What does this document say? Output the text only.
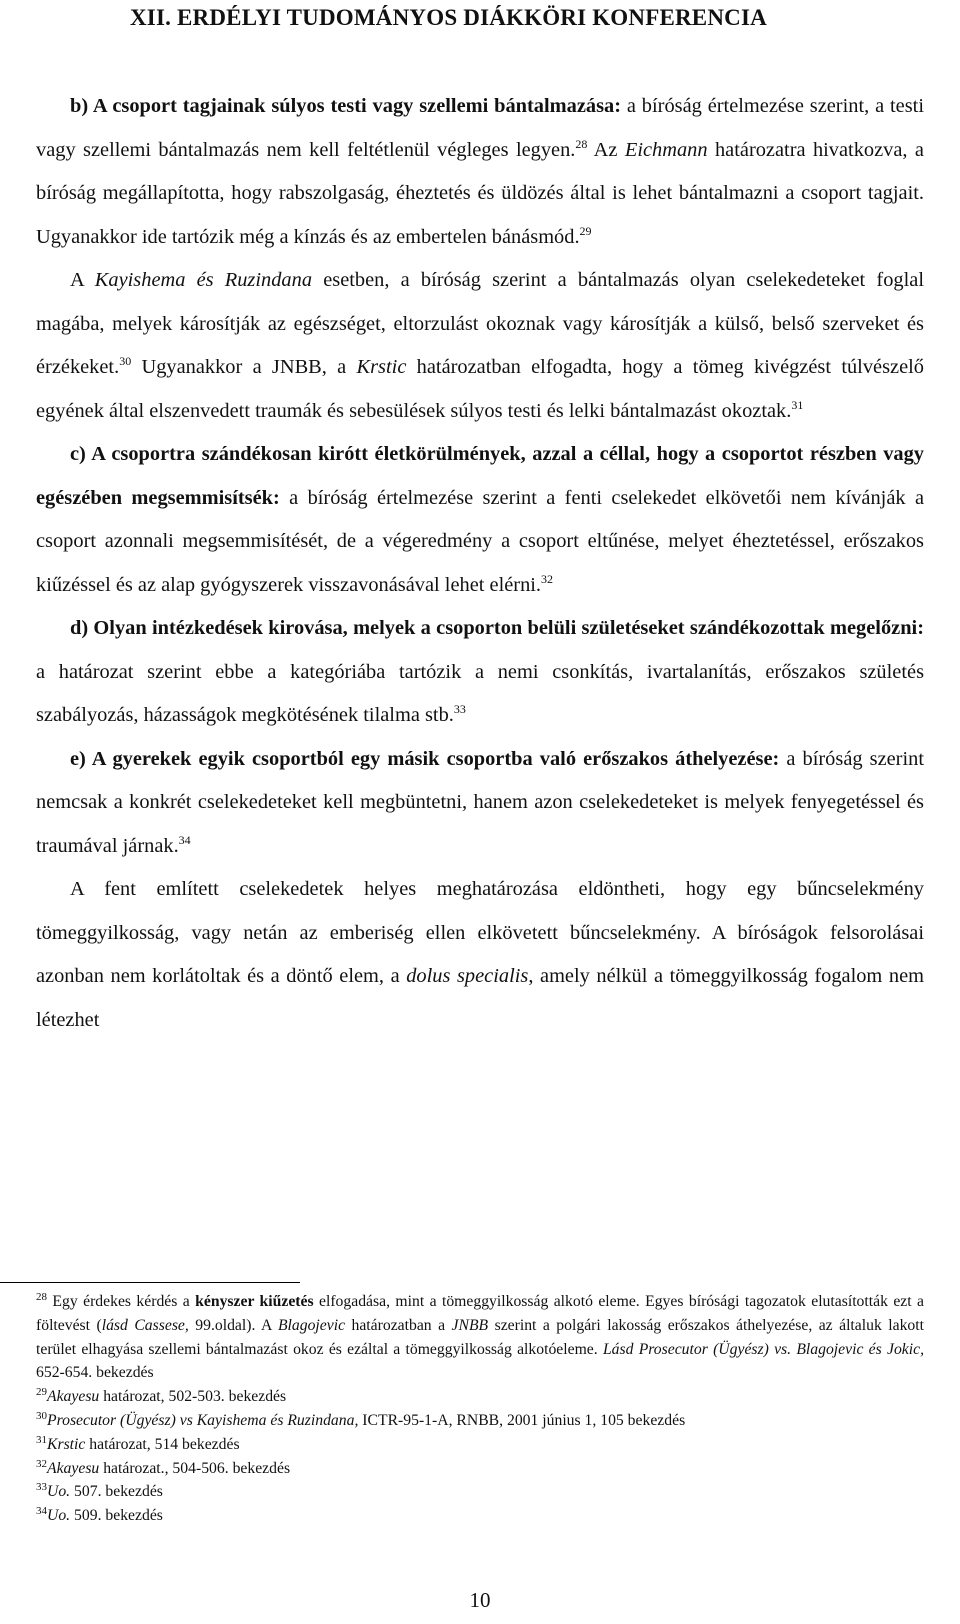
XII. ERDÉLYI TUDOMÁNYOS DIÁKKÖRI KONFERENCIA

b) A csoport tagjainak súlyos testi vagy szellemi bántalmazása: a bíróság értelmezése szerint, a testi vagy szellemi bántalmazás nem kell feltétlenül végleges legyen.$^{28}$ Az Eichmann határozatra hivatkozva, a bíróság megállapította, hogy rabszolgaság, éheztetés és üldözés által is lehet bántalmazni a csoport tagjait. Ugyanakkor ide tartózik még a kínzás és az embertelen bánásmód.$^{29}$

A Kayishema és Ruzindana esetben, a bíróság szerint a bántalmazás olyan cselekedeteket foglal magába, melyek károsítják az egészséget, eltorzulást okoznak vagy károsítják a külső, belső szerveket és érzékeket.$^{30}$ Ugyanakkor a JNBB, a Krstic határozatban elfogadta, hogy a tömeg kivégzést túlvészelő egyének által elszenvedett traumák és sebesülések súlyos testi és lelki bántalmazást okoztak.$^{31}$

c) A csoportra szándékosan kirótt életkörülmények, azzal a céllal, hogy a csoportot részben vagy egészében megsemmisítsék: a bíróság értelmezése szerint a fenti cselekedet elkövetői nem kívánják a csoport azonnali megsemmisítését, de a végeredmény a csoport eltűnése, melyet éheztetéssel, erőszakos kiűzéssel és az alap gyógyszerek visszavonásával lehet elérni.$^{32}$

d) Olyan intézkedések kirovása, melyek a csoporton belüli születéseket szándékozottak megelőzni: a határozat szerint ebbe a kategóriába tartózik a nemi csonkítás, ivartalanítás, erőszakos születés szabályozás, házasságok megkötésének tilalma stb.$^{33}$

e) A gyerekek egyik csoportból egy másik csoportba való erőszakos áthelyezése: a bíróság szerint nemcsak a konkrét cselekedeteket kell megbüntetni, hanem azon cselekedeteket is melyek fenyegetéssel és traumával járnak.$^{34}$

A fent említett cselekedetek helyes meghatározása eldöntheti, hogy egy bűncselekmény tömeggyilkosság, vagy netán az emberiség ellen elkövetett bűncselekmény. A bíróságok felsorolásai azonban nem korlátoltak és a döntő elem, a dolus specialis, amely nélkül a tömeggyilkosság fogalom nem létezhet

$^{28}$ Egy érdekes kérdés a kényszer kiűzetés elfogadása, mint a tömeggyilkosság alkotó eleme. Egyes bírósági tagozatok elutasították ezt a föltevést (lásd Cassese, 99.oldal). A Blagojevic határozatban a JNBB szerint a polgári lakosság erőszakos áthelyezése, az általuk lakott terület elhagyása szellemi bántalmazást okoz és ezáltal a tömeggyilkosság alkotóeleme. Lásd Prosecutor (Ügyész) vs. Blagojevic és Jokic, 652-654. bekezdés

$^{29}$Akayesu határozat, 502-503. bekezdés

$^{30}$Prosecutor (Ügyész) vs Kayishema és Ruzindana, ICTR-95-1-A, RNBB, 2001 június 1, 105 bekezdés

$^{31}$Krstic határozat, 514 bekezdés

$^{32}$Akayesu határozat., 504-506. bekezdés

$^{33}$Uo. 507. bekezdés

$^{34}$Uo. 509. bekezdés

10
